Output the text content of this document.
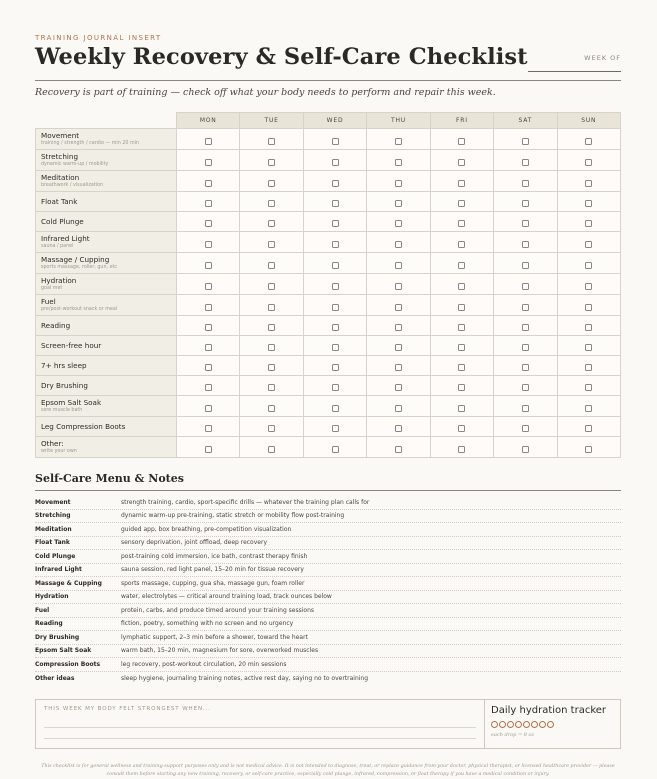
TRAINING JOURNAL INSERT
Weekly Recovery & Self-Care Checklist	WEEK OF
Recovery is part of training — check off what your body needs to perform and repair this week.
	MON	TUE	WED	THU	FRI	SAT	SUN

Movement
training / strength / cardio — min 20 min							

Stretching
dynamic warm-up / mobility							

Meditation
breathwork / visualization							

Float Tank							

Cold Plunge							

Infrared Light
sauna / panel							

Massage / Cupping
sports massage, roller, gun, etc							

Hydration
goal met							

Fuel
pre/post-workout snack or meal							

Reading							

Screen-free hour							

7+ hrs sleep							

Dry Brushing							

Epsom Salt Soak
sore muscle bath							

Leg Compression Boots							

Other:
write your own							

Self-Care Menu & Notes
Movement	strength training, cardio, sport-specific drills — whatever the training plan calls for
Stretching	dynamic warm-up pre-training, static stretch or mobility flow post-training
Meditation	guided app, box breathing, pre-competition visualization
Float Tank	sensory deprivation, joint offload, deep recovery
Cold Plunge	post-training cold immersion, ice bath, contrast therapy finish
Infrared Light	sauna session, red light panel, 15–20 min for tissue recovery
Massage & Cupping	sports massage, cupping, gua sha, massage gun, foam roller
Hydration	water, electrolytes — critical around training load, track ounces below
Fuel	protein, carbs, and produce timed around your training sessions
Reading	fiction, poetry, something with no screen and no urgency
Dry Brushing	lymphatic support, 2–3 min before a shower, toward the heart
Epsom Salt Soak	warm bath, 15–20 min, magnesium for sore, overworked muscles
Compression Boots	leg recovery, post-workout circulation, 20 min sessions
Other ideas	sleep hygiene, journaling training notes, active rest day, saying no to overtraining
THIS WEEK MY BODY FELT STRONGEST WHEN...	Daily hydration tracker
each drop = 8 oz
This checklist is for general wellness and training-support purposes only and is not medical advice. It is not intended to diagnose, treat, or replace guidance from your doctor, physical therapist, or licensed healthcare provider — please consult them before starting any new training, recovery, or self-care practice, especially cold plunge, infrared, compression, or float therapy if you have a medical condition or injury.
